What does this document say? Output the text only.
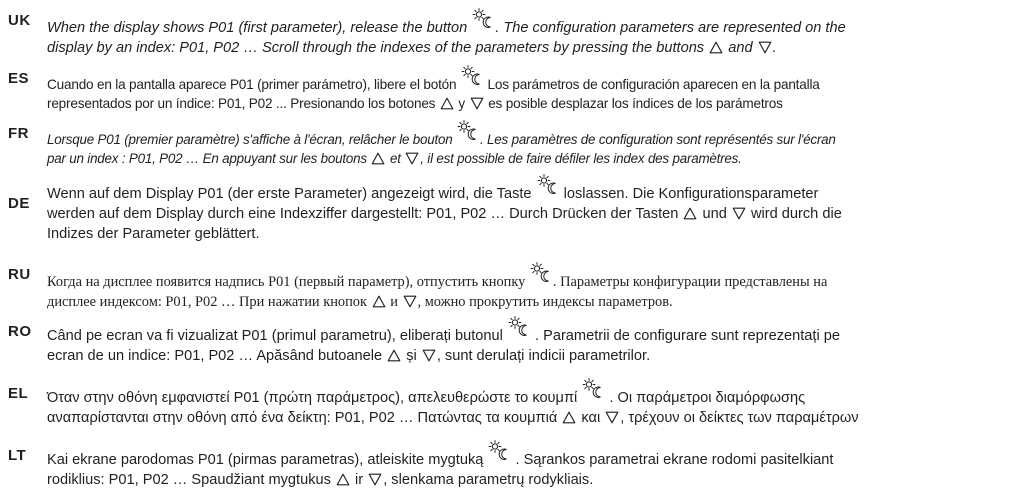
UK When the display shows P01 (first parameter), release the button
. The configuration parameters are represented on the
display by an index: P01, P02 … Scroll through the indexes of the parameters by pressing the buttons
and
.
ES Cuando en la pantalla aparece P01 (primer parámetro), libere el botón
Los parámetros de configuración aparecen en la pantalla
representados por un índice: P01, P02 ... Presionando los botones
y
es posible desplazar los índices de los parámetros
FR Lorsque P01 (premier paramètre) s'affiche à l'écran, relâcher le bouton
. Les paramètres de configuration sont représentés sur l'écran
par un index : P01, P02 … En appuyant sur les boutons
et
, il est possible de faire défiler les index des paramètres.
DE
Wenn auf dem Display P01 (der erste Parameter) angezeigt wird, die Taste
loslassen. Die Konfigurationsparameter
werden auf dem Display durch eine Indexziffer dargestellt: P01, P02 … Durch Drücken der Tasten
und
wird durch die
Indizes der Parameter geblättert.
RU Когда на дисплее появится надпись P01 (первый параметр), отпустить кнопку
. Параметры конфигурации представлены на
дисплее индексом: P01, P02 … При нажатии кнопок
и
, можно прокрутить индексы параметров.
RO Când pe ecran va fi vizualizat P01 (primul parametru), eliberați butonul
. Parametrii de configurare sunt reprezentați pe
ecran de un indice: P01, P02 … Apăsând butoanele
și
, sunt derulați indicii parametrilor.
EL Όταν στην οθόνη εμφανιστεί P01 (πρώτη παράμετρος), απελευθερώστε το κουμπί
. Οι παράμετροι διαμόρφωσης
αναπαρίστανται στην οθόνη από ένα δείκτη: P01, P02 … Πατώντας τα κουμπιά
και
, τρέχουν οι δείκτες των παραμέτρων
LT Kai ekrane parodomas P01 (pirmas parametras), atleiskite mygtuką
. Sąrankos parametrai ekrane rodomi pasitelkiant
rodiklius: P01, P02 … Spaudžiant mygtukus
ir
, slenkama parametrų rodykliais.
